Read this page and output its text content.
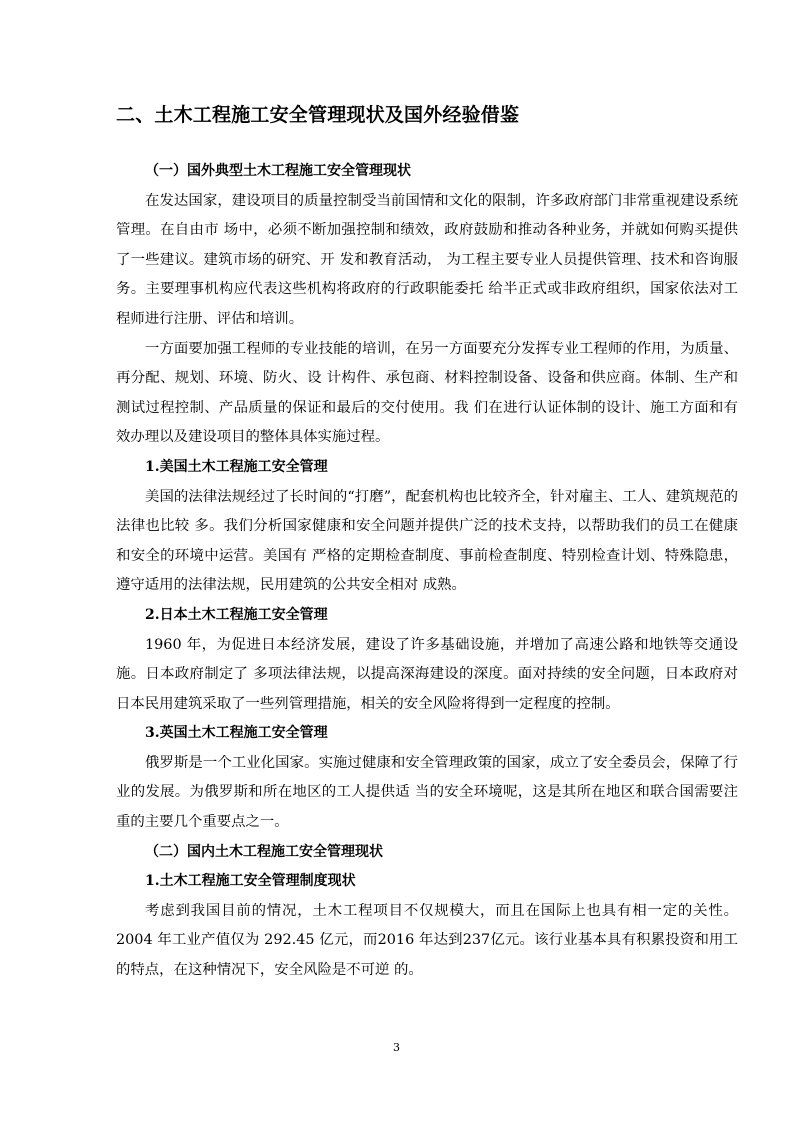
二、土木工程施工安全管理现状及国外经验借鉴

（一）国外典型土木工程施工安全管理现状

在发达国家，建设项目的质量控制受当前国情和文化的限制，许多政府部门非常重视建设系统管理。在自由市 场中，必须不断加强控制和绩效，政府鼓励和推动各种业务，并就如何购买提供了一些建议。建筑市场的研究、开 发和教育活动， 为工程主要专业人员提供管理、技术和咨询服务。主要理事机构应代表这些机构将政府的行政职能委托 给半正式或非政府组织，国家依法对工程师进行注册、评估和培训。

一方面要加强工程师的专业技能的培训，在另一方面要充分发挥专业工程师的作用，为质量、再分配、规划、环境、防火、设 计构件、承包商、材料控制设备、设备和供应商。体制、生产和测试过程控制、产品质量的保证和最后的交付使用。我 们在进行认证体制的设计、施工方面和有效办理以及建设项目的整体具体实施过程。

1.美国土木工程施工安全管理

美国的法律法规经过了长时间的“打磨”，配套机构也比较齐全，针对雇主、工人、建筑规范的法律也比较 多。我们分析国家健康和安全问题并提供广泛的技术支持，以帮助我们的员工在健康和安全的环境中运营。美国有 严格的定期检查制度、事前检查制度、特别检查计划、特殊隐患，遵守适用的法律法规，民用建筑的公共安全相对 成熟。

2.日本土木工程施工安全管理

1960 年，为促进日本经济发展，建设了许多基础设施，并增加了高速公路和地铁等交通设施。日本政府制定了 多项法律法规，以提高深海建设的深度。面对持续的安全问题，日本政府对日本民用建筑采取了一些列管理措施，相关的安全风险将得到一定程度的控制。

3.英国土木工程施工安全管理

俄罗斯是一个工业化国家。实施过健康和安全管理政策的国家，成立了安全委员会，保障了行业的发展。为俄罗斯和所在地区的工人提供适 当的安全环境呢，这是其所在地区和联合国需要注重的主要几个重要点之一。

（二）国内土木工程施工安全管理现状

1.土木工程施工安全管理制度现状

考虑到我国目前的情况，土木工程项目不仅规模大，而且在国际上也具有相一定的关性。2004 年工业产值仅为 292.45 亿元，而2016 年达到237亿元。该行业基本具有积累投资和用工的特点，在这种情况下，安全风险是不可逆 的。

3
